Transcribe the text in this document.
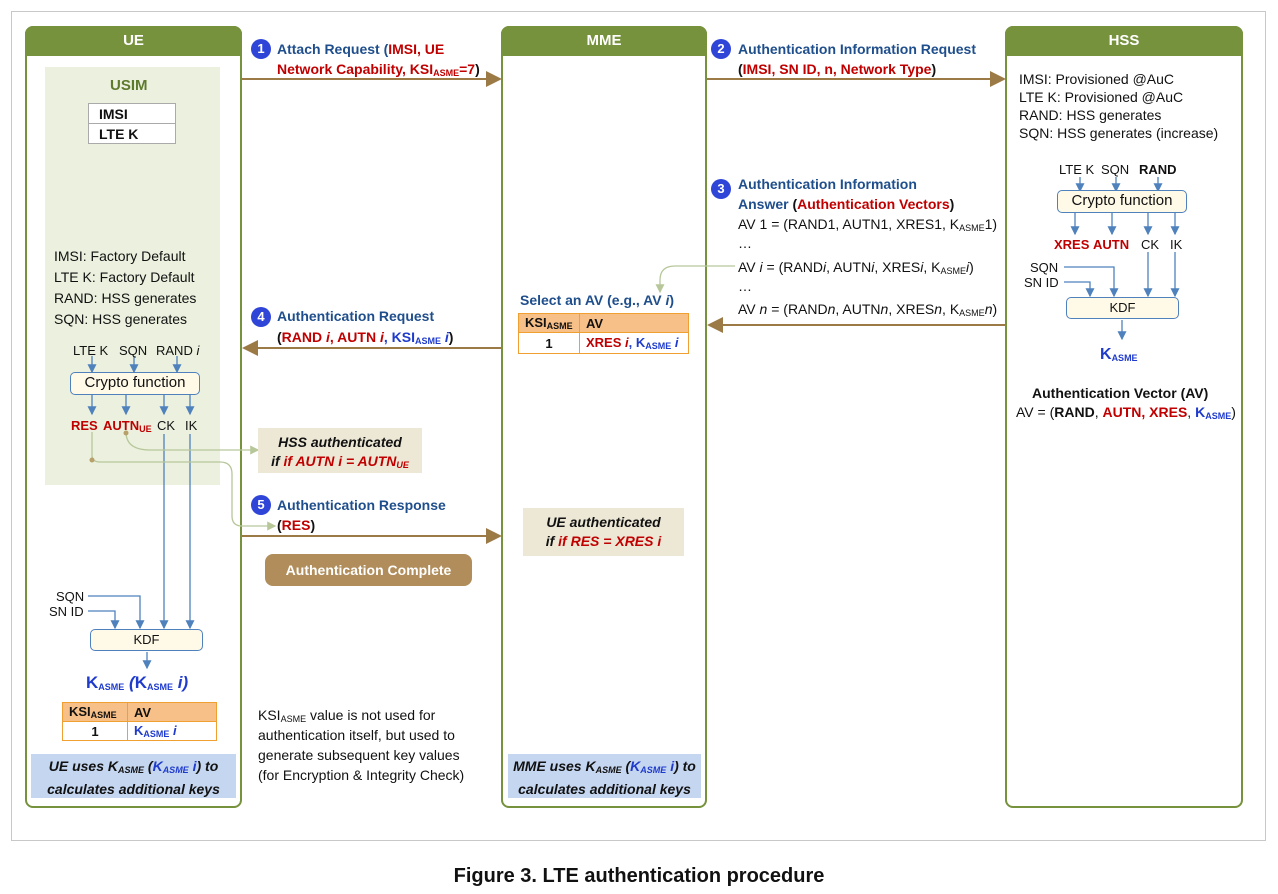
UE	MME	HSS
USIM
IMSI
LTE K
IMSI: Factory Default
LTE K: Factory Default
RAND: HSS generates
SQN: HSS generates
LTE K SQN RAND i
Crypto function
RES $AUTN_{UE}$ CK IK
SQN
SN ID
KDF
$K_{ASME}$ ($K_{ASME}$ i)
$KSI_{ASME}$	AV
1	$K_{ASME}$ i
UE uses $K_{ASME}$ ($K_{ASME}$ i) to
calculates additional keys
1 Attach Request (IMSI, UE
Network Capability, $KSI_{ASME}=7$)
2 Authentication Information Request
(IMSI, SN ID, n, Network Type)
3 Authentication Information
Answer (Authentication Vectors)
AV 1 = (RAND1, AUTN1, XRES1, $K_{ASME}1$)
…
AV i = (RANDi, AUTNi, XRESi, $K_{ASME}i$)
…
AV n = (RANDn, AUTNn, XRESn, $K_{ASME}n$)
4 Authentication Request
(RAND i, AUTN i, $KSI_{ASME}$ i)
HSS authenticated
if if AUTN $i = AUTN_{UE}$
5 Authentication Response
(RES)
Authentication Complete
$KSI_{ASME}$ value is not used for
authentication itself, but used to
generate subsequent key values
(for Encryption & Integrity Check)
Select an AV (e.g., AV i)
$KSI_{ASME}$	AV
1	XRES i, $K_{ASME}$ i
UE authenticated
if if RES = XRES i
MME uses $K_{ASME}$ ($K_{ASME}$ i) to
calculates additional keys
IMSI: Provisioned @AuC
LTE K: Provisioned @AuC
RAND: HSS generates
SQN: HSS generates (increase)
LTE K SQN RAND
Crypto function
XRES AUTN CK IK
SQN
SN ID
KDF
$K_{ASME}$
Authentication Vector (AV)
AV = (RAND, AUTN, XRES, $K_{ASME}$)
Figure 3. LTE authentication procedure
